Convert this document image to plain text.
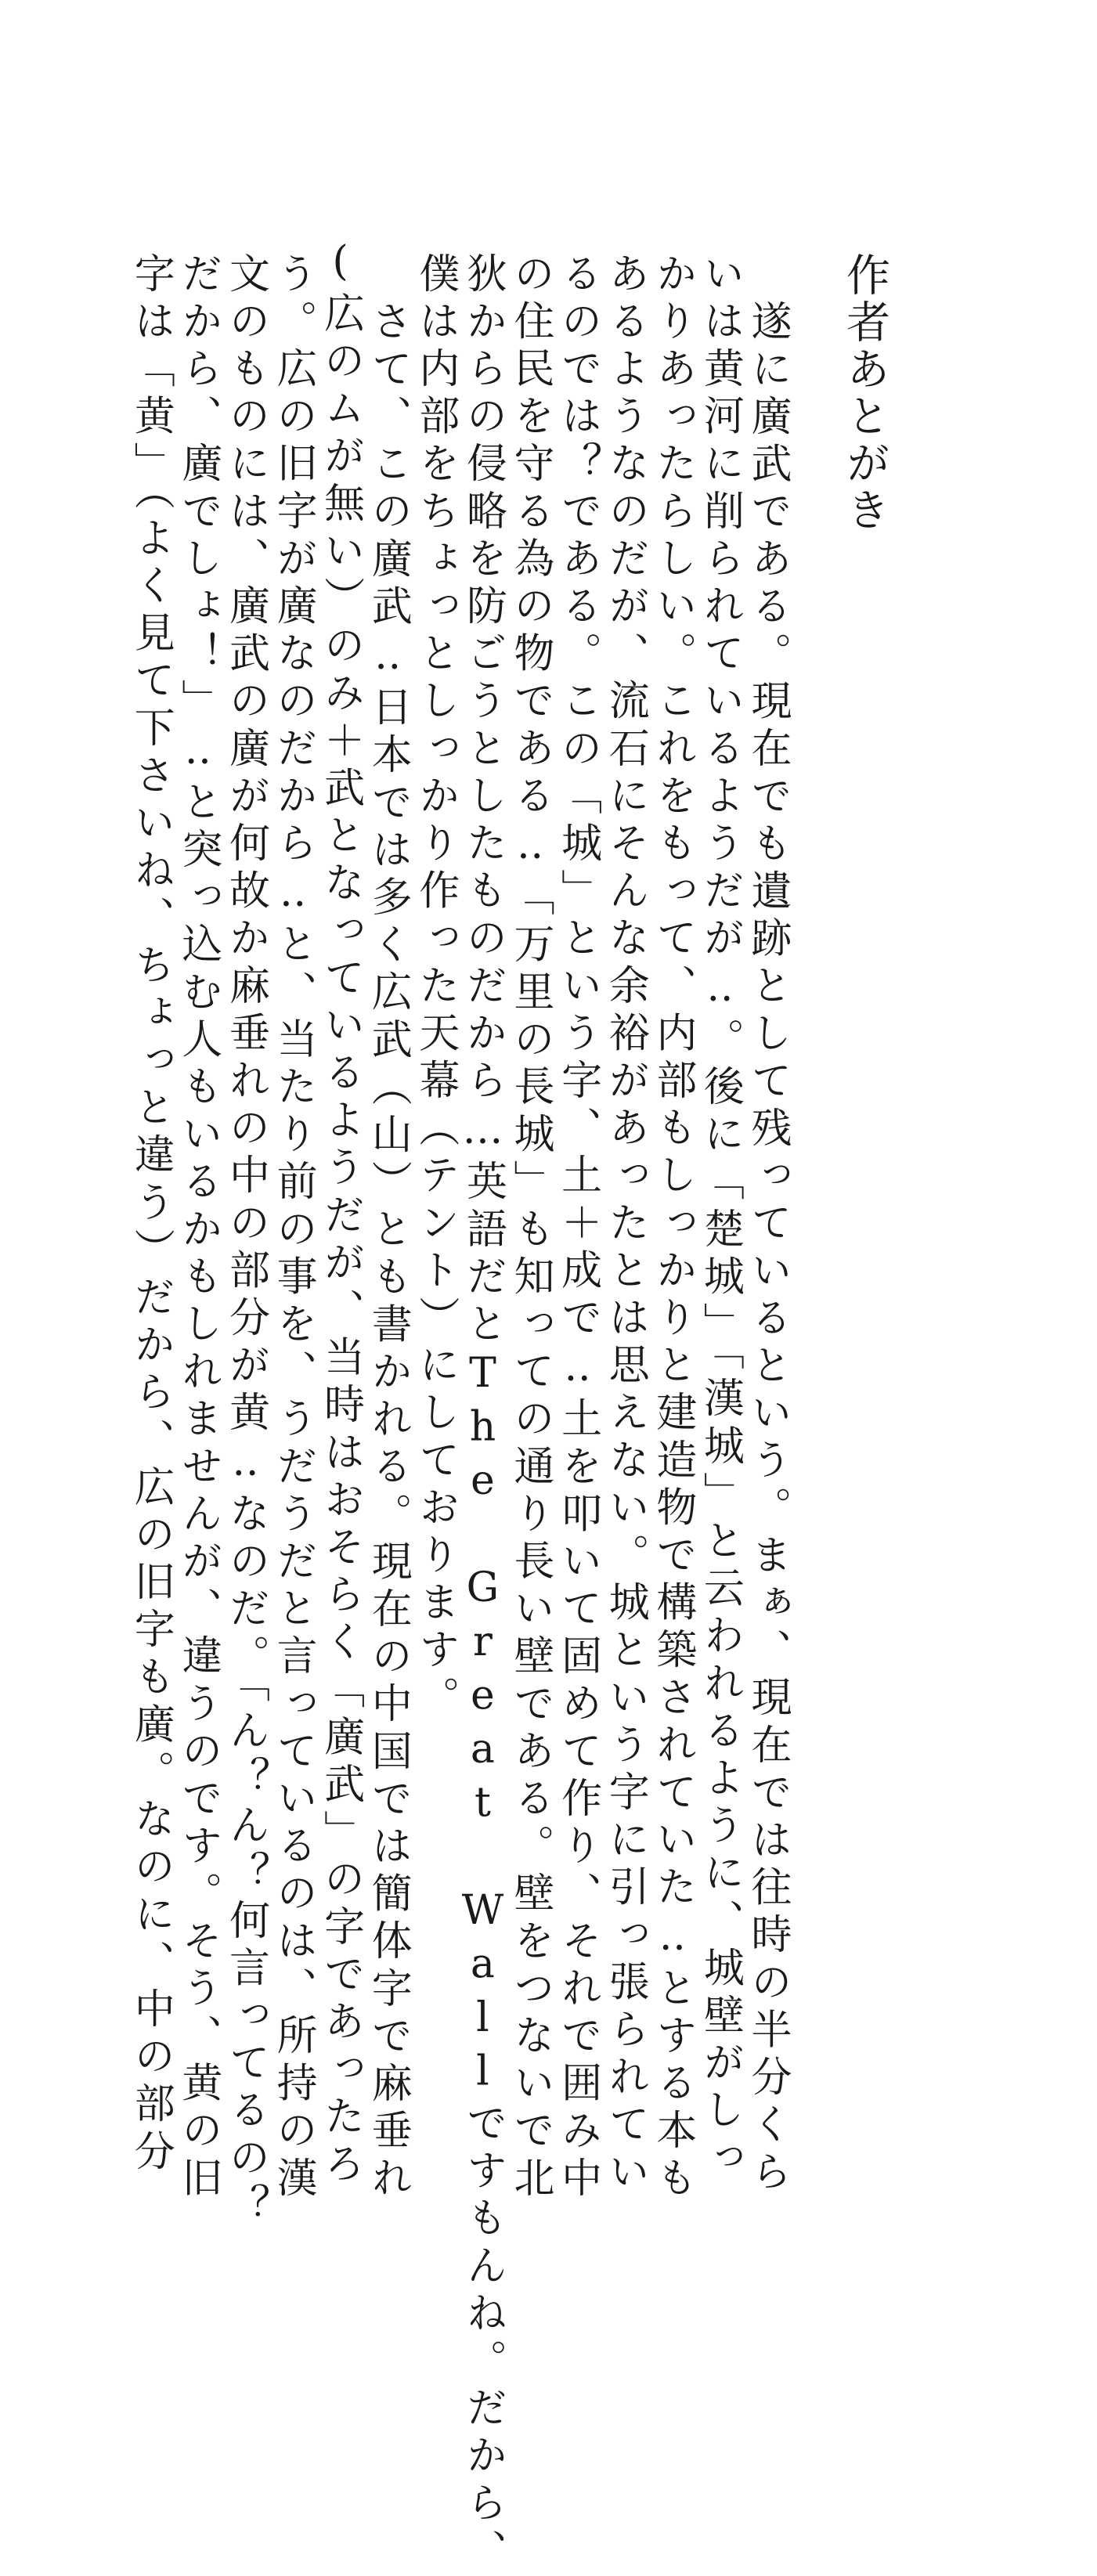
作者あとがき

遂に廣武である。現在でも遺跡として残っているという。まぁ、現在では往時の半分くら

いは黄河に削られているようだが‥。後に「楚城」「漢城」と云われるように、城壁がしっ

かりあったらしい。これをもって、内部もしっかりと建造物で構築されていた‥とする本も

あるようなのだが、流石にそんな余裕があったとは思えない。城という字に引っ張られてい

るのでは？である。この「城」という字、土＋成で‥土を叩いて固めて作り、それで囲み中

の住民を守る為の物である‥「万里の長城」も知っての通り長い壁である。壁をつないで北

狄からの侵略を防ごうとしたものだから…英語だとThe Great Wallですもんね。だから、

僕は内部をちょっとしっかり作った天幕（テント）にしております。

さて、この廣武‥日本では多く広武（山）とも書かれる。現在の中国では簡体字で麻垂れ

(広のムが無い）のみ＋武となっているようだが、当時はおそらく「廣武」の字であったろ

う。広の旧字が廣なのだから‥と、当たり前の事を、うだうだと言っているのは、所持の漢

文のものには、廣武の廣が何故か麻垂れの中の部分が黄‥なのだ。「ん？ん？何言ってるの？

だから、廣でしょ！」‥と突っ込む人もいるかもしれませんが、違うのです。そう、黄の旧

字は「黄」（よく見て下さいね、ちょっと違う）だから、広の旧字も廣。なのに、中の部分
